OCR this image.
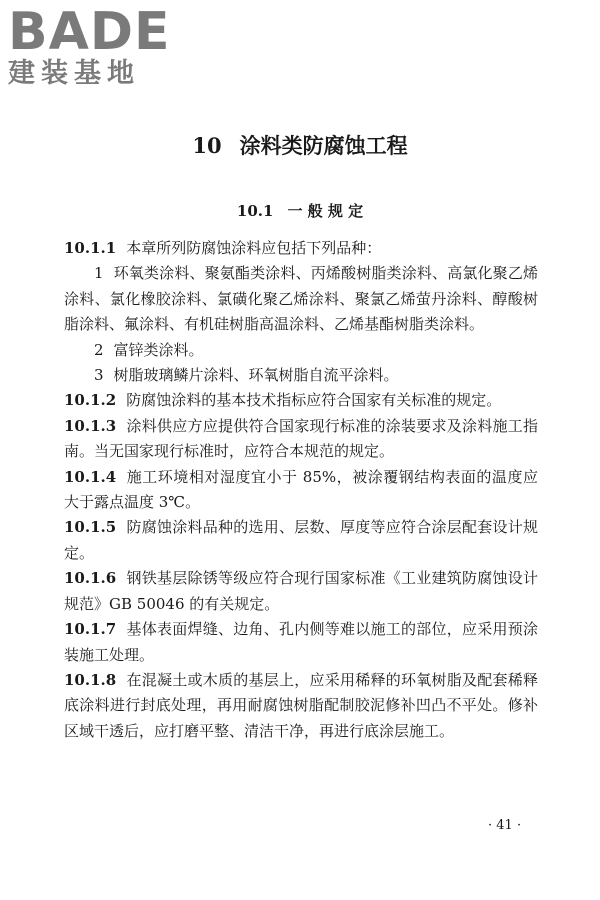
BADE
建装基地
10 涂料类防腐蚀工程
10.1 一 般 规 定

10.1.1 本章所列防腐蚀涂料应包括下列品种：

1 环氧类涂料、聚氨酯类涂料、丙烯酸树脂类涂料、高氯化聚乙烯涂料、氯化橡胶涂料、氯磺化聚乙烯涂料、聚氯乙烯萤丹涂料、醇酸树脂涂料、氟涂料、有机硅树脂高温涂料、乙烯基酯树脂类涂料。

2 富锌类涂料。

3 树脂玻璃鳞片涂料、环氧树脂自流平涂料。

10.1.2 防腐蚀涂料的基本技术指标应符合国家有关标准的规定。

10.1.3 涂料供应方应提供符合国家现行标准的涂装要求及涂料施工指南。当无国家现行标准时，应符合本规范的规定。

10.1.4 施工环境相对湿度宜小于 85%，被涂覆钢结构表面的温度应大于露点温度 3℃。

10.1.5 防腐蚀涂料品种的选用、层数、厚度等应符合涂层配套设计规定。

10.1.6 钢铁基层除锈等级应符合现行国家标准《工业建筑防腐蚀设计规范》GB 50046 的有关规定。

10.1.7 基体表面焊缝、边角、孔内侧等难以施工的部位，应采用预涂装施工处理。

10.1.8 在混凝土或木质的基层上，应采用稀释的环氧树脂及配套稀释底涂料进行封底处理，再用耐腐蚀树脂配制胶泥修补凹凸不平处。修补区域干透后，应打磨平整、清洁干净，再进行底涂层施工。

· 41 ·
